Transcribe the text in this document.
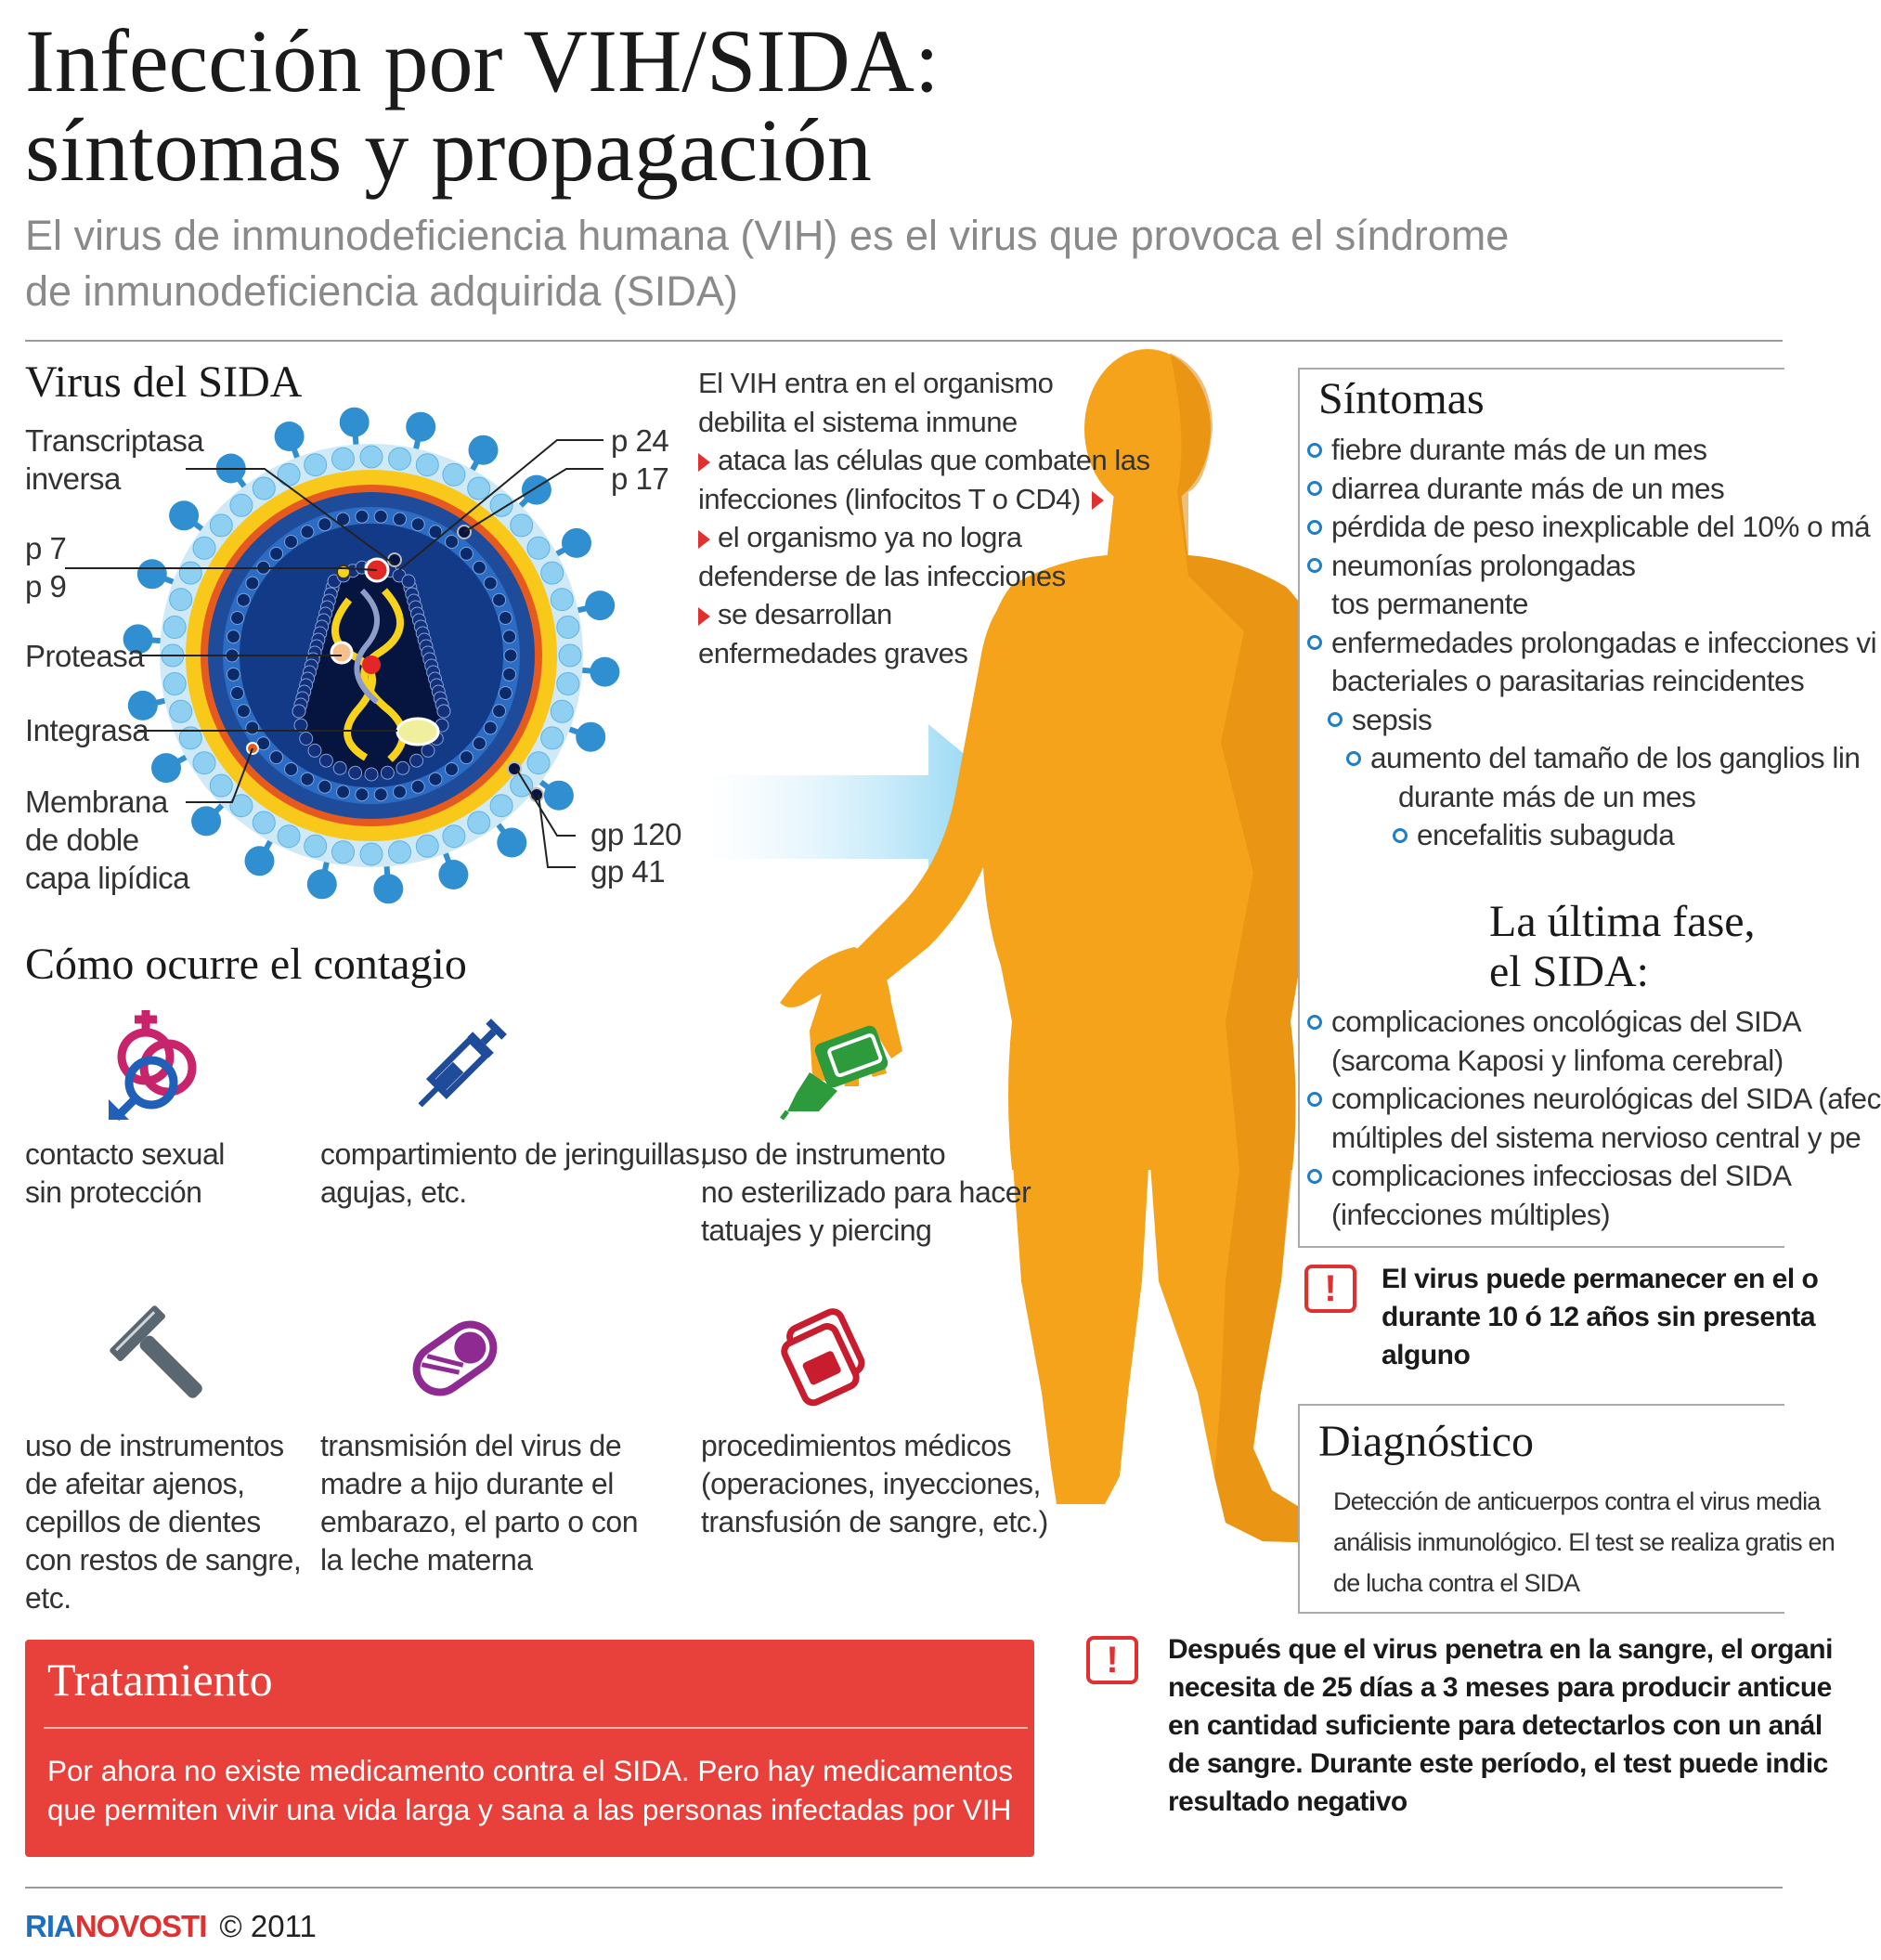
Infección por VIH/SIDA:
síntomas y propagación
El virus de inmunodeficiencia humana (VIH) es el virus que provoca el síndrome
de inmunodeficiencia adquirida (SIDA)
Virus del SIDA
Transcriptasa
inversa
p 7
p 9
Proteasa
Integrasa
Membrana
de doble
capa lipídica
p 24
p 17
gp 120
gp 41
El VIH entra en el organismo
debilita el sistema inmune
ataca las células que combaten las
infecciones (linfocitos T o CD4)
el organismo ya no logra
defenderse de las infecciones
se desarrollan
enfermedades graves
Cómo ocurre el contagio
contacto sexual
sin protección
compartimiento de jeringuillas,
agujas, etc.
uso de instrumento
no esterilizado para hacer
tatuajes y piercing
uso de instrumentos
de afeitar ajenos,
cepillos de dientes
con restos de sangre,
etc.
transmisión del virus de
madre a hijo durante el
embarazo, el parto o con
la leche materna
procedimientos médicos
(operaciones, inyecciones,
transfusión de sangre, etc.)
Síntomas
fiebre durante más de un mes
diarrea durante más de un mes
pérdida de peso inexplicable del 10% o má
neumonías prolongadas
tos permanente
enfermedades prolongadas e infecciones vi
bacteriales o parasitarias reincidentes
sepsis
aumento del tamaño de los ganglios lin
durante más de un mes
encefalitis subaguda
La última fase,
el SIDA:
complicaciones oncológicas del SIDA
(sarcoma Kaposi y linfoma cerebral)
complicaciones neurológicas del SIDA (afec
múltiples del sistema nervioso central y pe
complicaciones infecciosas del SIDA
(infecciones múltiples)
!	El virus puede permanecer en el o
durante 10 ó 12 años sin presenta
alguno
Diagnóstico
Detección de anticuerpos contra el virus media
análisis inmunológico. El test se realiza gratis en
de lucha contra el SIDA
!	Después que el virus penetra en la sangre, el organi
necesita de 25 días a 3 meses para producir anticue
en cantidad suficiente para detectarlos con un anál
de sangre. Durante este período, el test puede indic
resultado negativo
Tratamiento
Por ahora no existe medicamento contra el SIDA. Pero hay medicamentos
que permiten vivir una vida larga y sana a las personas infectadas por VIH
RIANOVOSTI © 2011
